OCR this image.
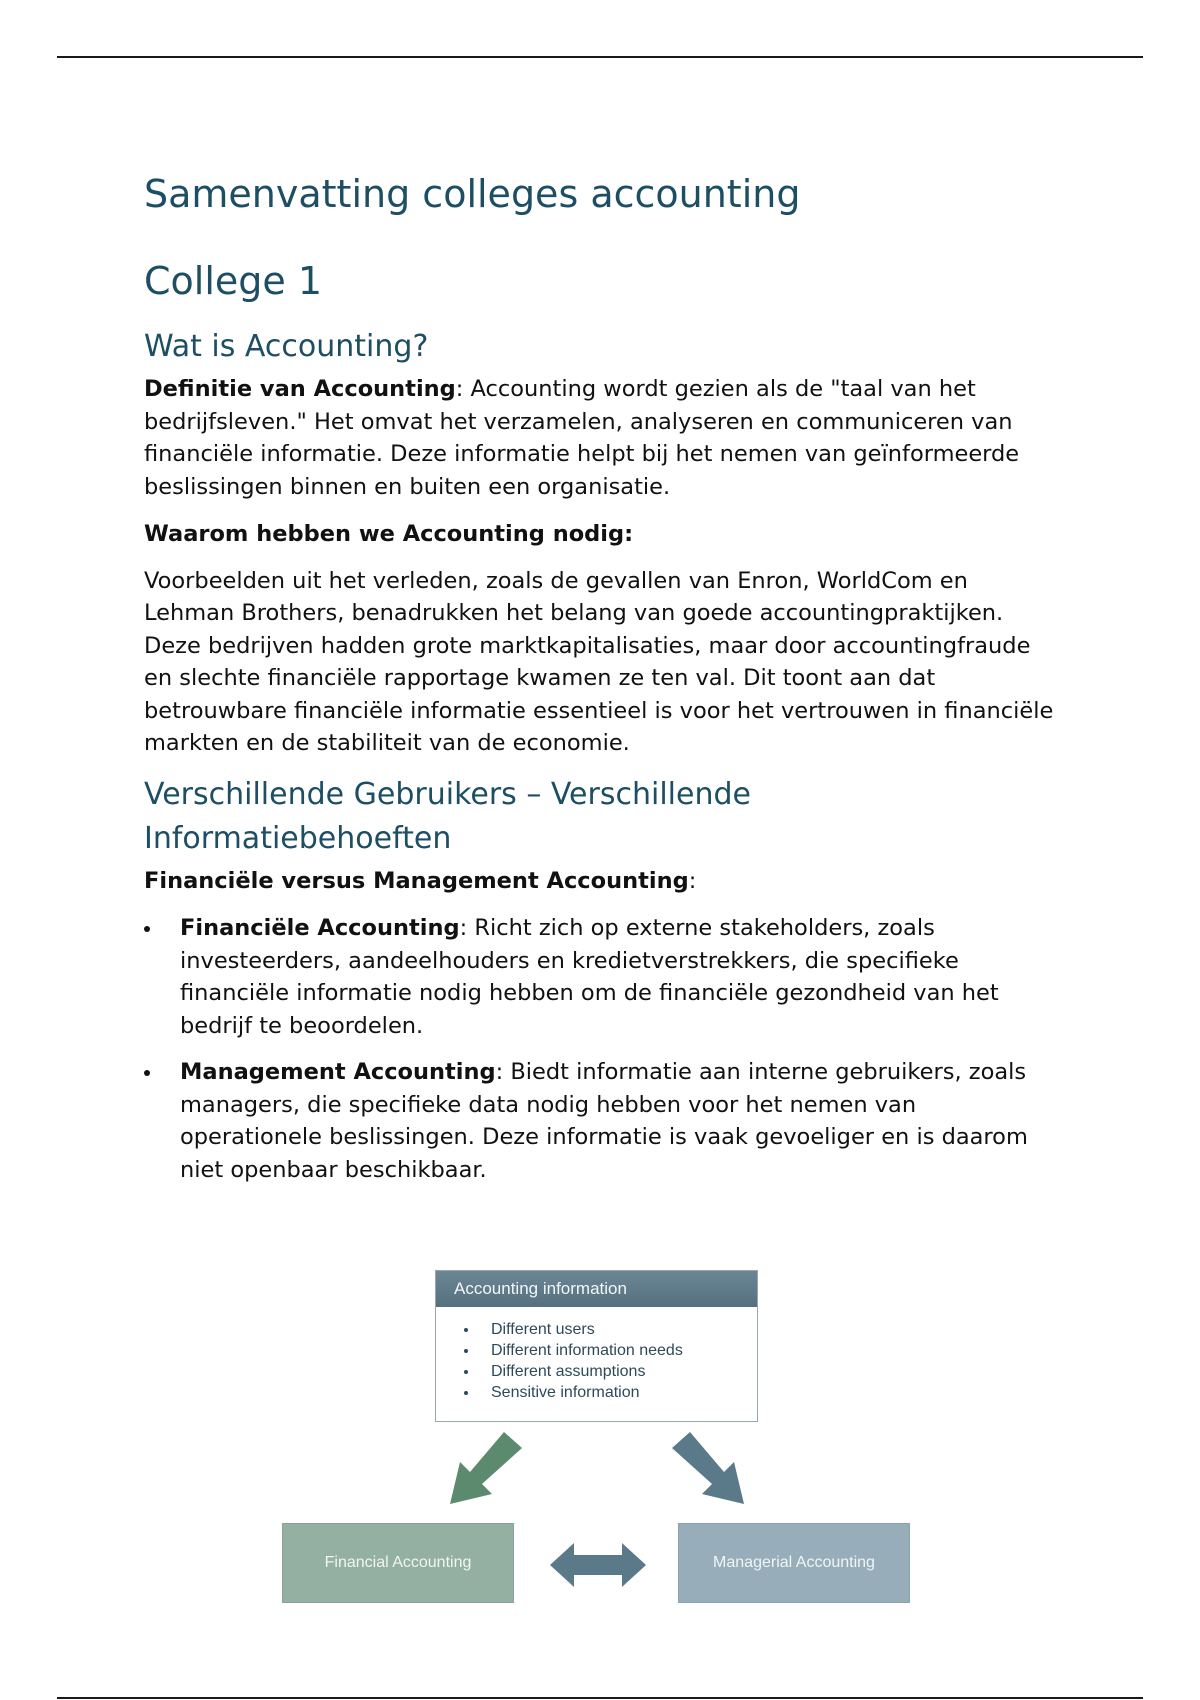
Samenvatting colleges accounting
College 1
Wat is Accounting?

Definitie van Accounting: Accounting wordt gezien als de "taal van het bedrijfsleven." Het omvat het verzamelen, analyseren en communiceren van financiële informatie. Deze informatie helpt bij het nemen van geïnformeerde beslissingen binnen en buiten een organisatie.

Waarom hebben we Accounting nodig:

Voorbeelden uit het verleden, zoals de gevallen van Enron, WorldCom en Lehman Brothers, benadrukken het belang van goede accountingpraktijken. Deze bedrijven hadden grote marktkapitalisaties, maar door accountingfraude en slechte financiële rapportage kwamen ze ten val. Dit toont aan dat betrouwbare financiële informatie essentieel is voor het vertrouwen in financiële markten en de stabiliteit van de economie.

Verschillende Gebruikers – Verschillende Informatiebehoeften

Financiële versus Management Accounting:

Financiële Accounting: Richt zich op externe stakeholders, zoals investeerders, aandeelhouders en kredietverstrekkers, die specifieke financiële informatie nodig hebben om de financiële gezondheid van het bedrijf te beoordelen.
Management Accounting: Biedt informatie aan interne gebruikers, zoals managers, die specifieke data nodig hebben voor het nemen van operationele beslissingen. Deze informatie is vaak gevoeliger en is daarom niet openbaar beschikbaar.
Accounting information
Different users
Different information needs
Different assumptions
Sensitive information
Financial Accounting	Managerial Accounting
